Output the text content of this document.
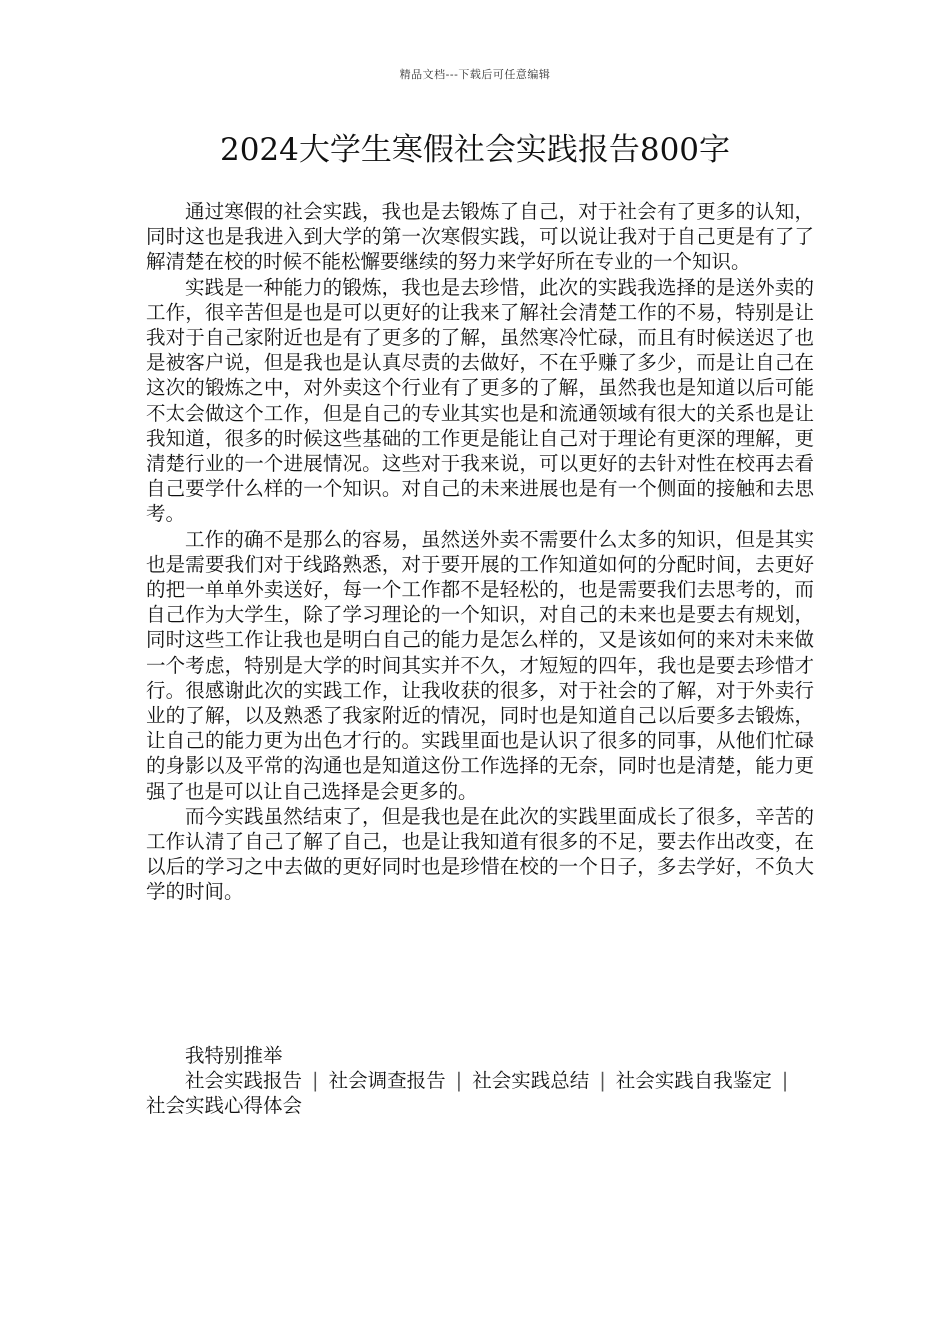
精品文档---下载后可任意编辑
2024大学生寒假社会实践报告800字

通过寒假的社会实践，我也是去锻炼了自己，对于社会有了更多的认知，同时这也是我进入到大学的第一次寒假实践，可以说让我对于自己更是有了了解清楚在校的时候不能松懈要继续的努力来学好所在专业的一个知识。

实践是一种能力的锻炼，我也是去珍惜，此次的实践我选择的是送外卖的工作，很辛苦但是也是可以更好的让我来了解社会清楚工作的不易，特别是让我对于自己家附近也是有了更多的了解，虽然寒冷忙碌，而且有时候送迟了也是被客户说，但是我也是认真尽责的去做好，不在乎赚了多少，而是让自己在这次的锻炼之中，对外卖这个行业有了更多的了解，虽然我也是知道以后可能不太会做这个工作，但是自己的专业其实也是和流通领域有很大的关系也是让我知道，很多的时候这些基础的工作更是能让自己对于理论有更深的理解，更清楚行业的一个进展情况。这些对于我来说，可以更好的去针对性在校再去看自己要学什么样的一个知识。对自己的未来进展也是有一个侧面的接触和去思考。

工作的确不是那么的容易，虽然送外卖不需要什么太多的知识，但是其实也是需要我们对于线路熟悉，对于要开展的工作知道如何的分配时间，去更好的把一单单外卖送好，每一个工作都不是轻松的，也是需要我们去思考的，而自己作为大学生，除了学习理论的一个知识，对自己的未来也是要去有规划，同时这些工作让我也是明白自己的能力是怎么样的，又是该如何的来对未来做一个考虑，特别是大学的时间其实并不久，才短短的四年，我也是要去珍惜才行。很感谢此次的实践工作，让我收获的很多，对于社会的了解，对于外卖行业的了解，以及熟悉了我家附近的情况，同时也是知道自己以后要多去锻炼，让自己的能力更为出色才行的。实践里面也是认识了很多的同事，从他们忙碌的身影以及平常的沟通也是知道这份工作选择的无奈，同时也是清楚，能力更强了也是可以让自己选择是会更多的。

而今实践虽然结束了，但是我也是在此次的实践里面成长了很多，辛苦的工作认清了自己了解了自己，也是让我知道有很多的不足，要去作出改变，在以后的学习之中去做的更好同时也是珍惜在校的一个日子，多去学好，不负大学的时间。

我特别推举
社会实践报告 | 社会调查报告 | 社会实践总结 | 社会实践自我鉴定 |社会实践心得体会
